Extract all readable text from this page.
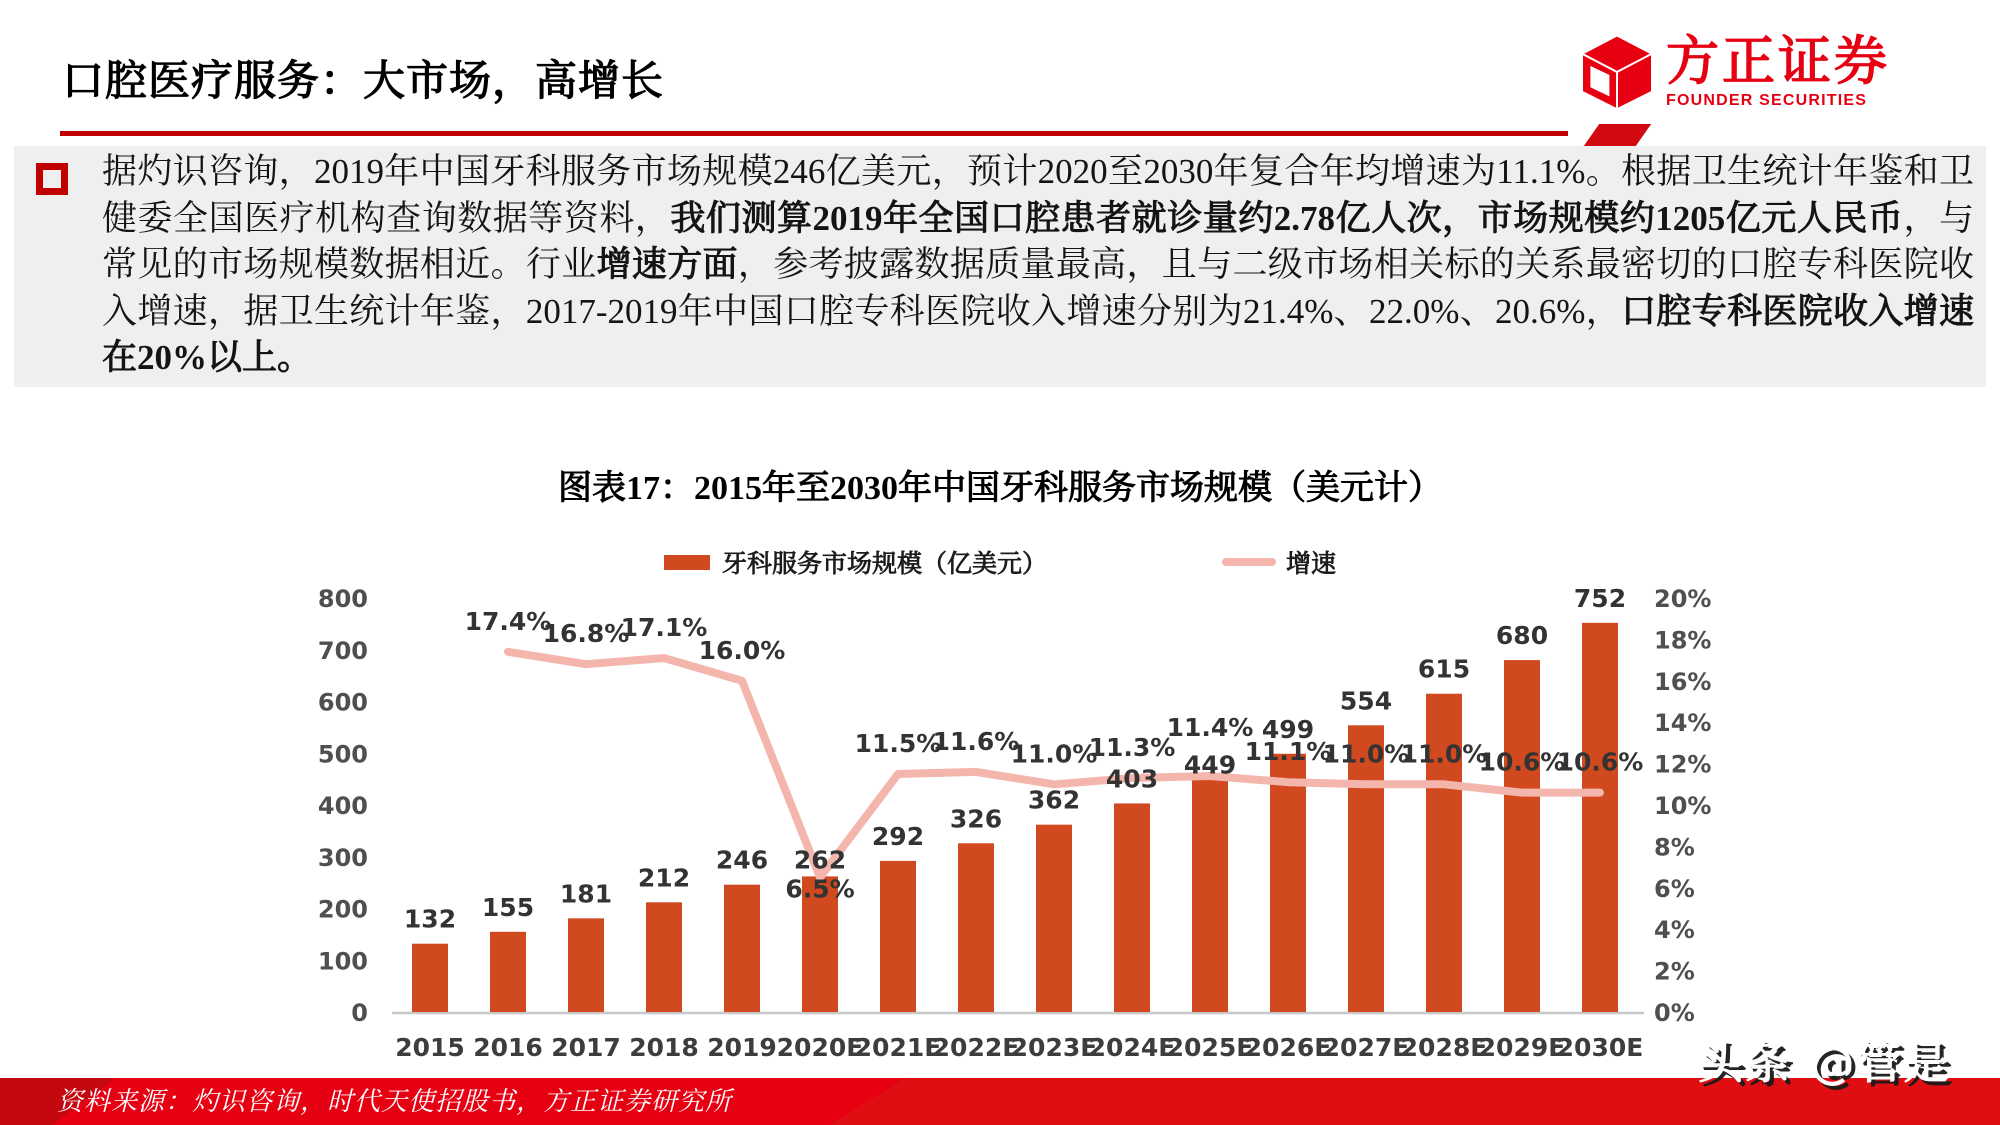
口腔医疗服务：大市场，高增长	方正证券
FOUNDER SECURITIES

据灼识咨询，2019年中国牙科服务市场规模246亿美元，预计2020至2030年复合年均增速为11.1%。根据卫生统计年鉴和卫健委全国医疗机构查询数据等资料，我们测算2019年全国口腔患者就诊量约2.78亿人次，市场规模约1205亿元人民币，与常见的市场规模数据相近。行业增速方面，参考披露数据质量最高，且与二级市场相关标的关系最密切的口腔专科医院收入增速，据卫生统计年鉴，2017-2019年中国口腔专科医院收入增速分别为21.4%、22.0%、20.6%，口腔专科医院收入增速在20%以上。

图表17：2015年至2030年中国牙科服务市场规模（美元计）
牙科服务市场规模（亿美元）	增速
800
700
600
500
400
300
200
100
0
20%
18%
16%
14%
12%
10%
8%
6%
4%
2%
0%
2015 2016 2017 2018 2019 2020E
2021E
2022E
2023E
2024E
2025E
2026E
2027E
2028E
2029E
2030E
132 155 181
212
246 262
292
326
362
403 449
499
554
615
680
752
17.4%
16.8%
17.1%
16.0%
6.5%
11.5%
11.6%
11.0%
11.3%
11.4%
11.1%
11.0%
11.0%
10.6%
10.6%
资料来源：灼识咨询，时代天使招股书，方正证券研究所
头条 @管是
